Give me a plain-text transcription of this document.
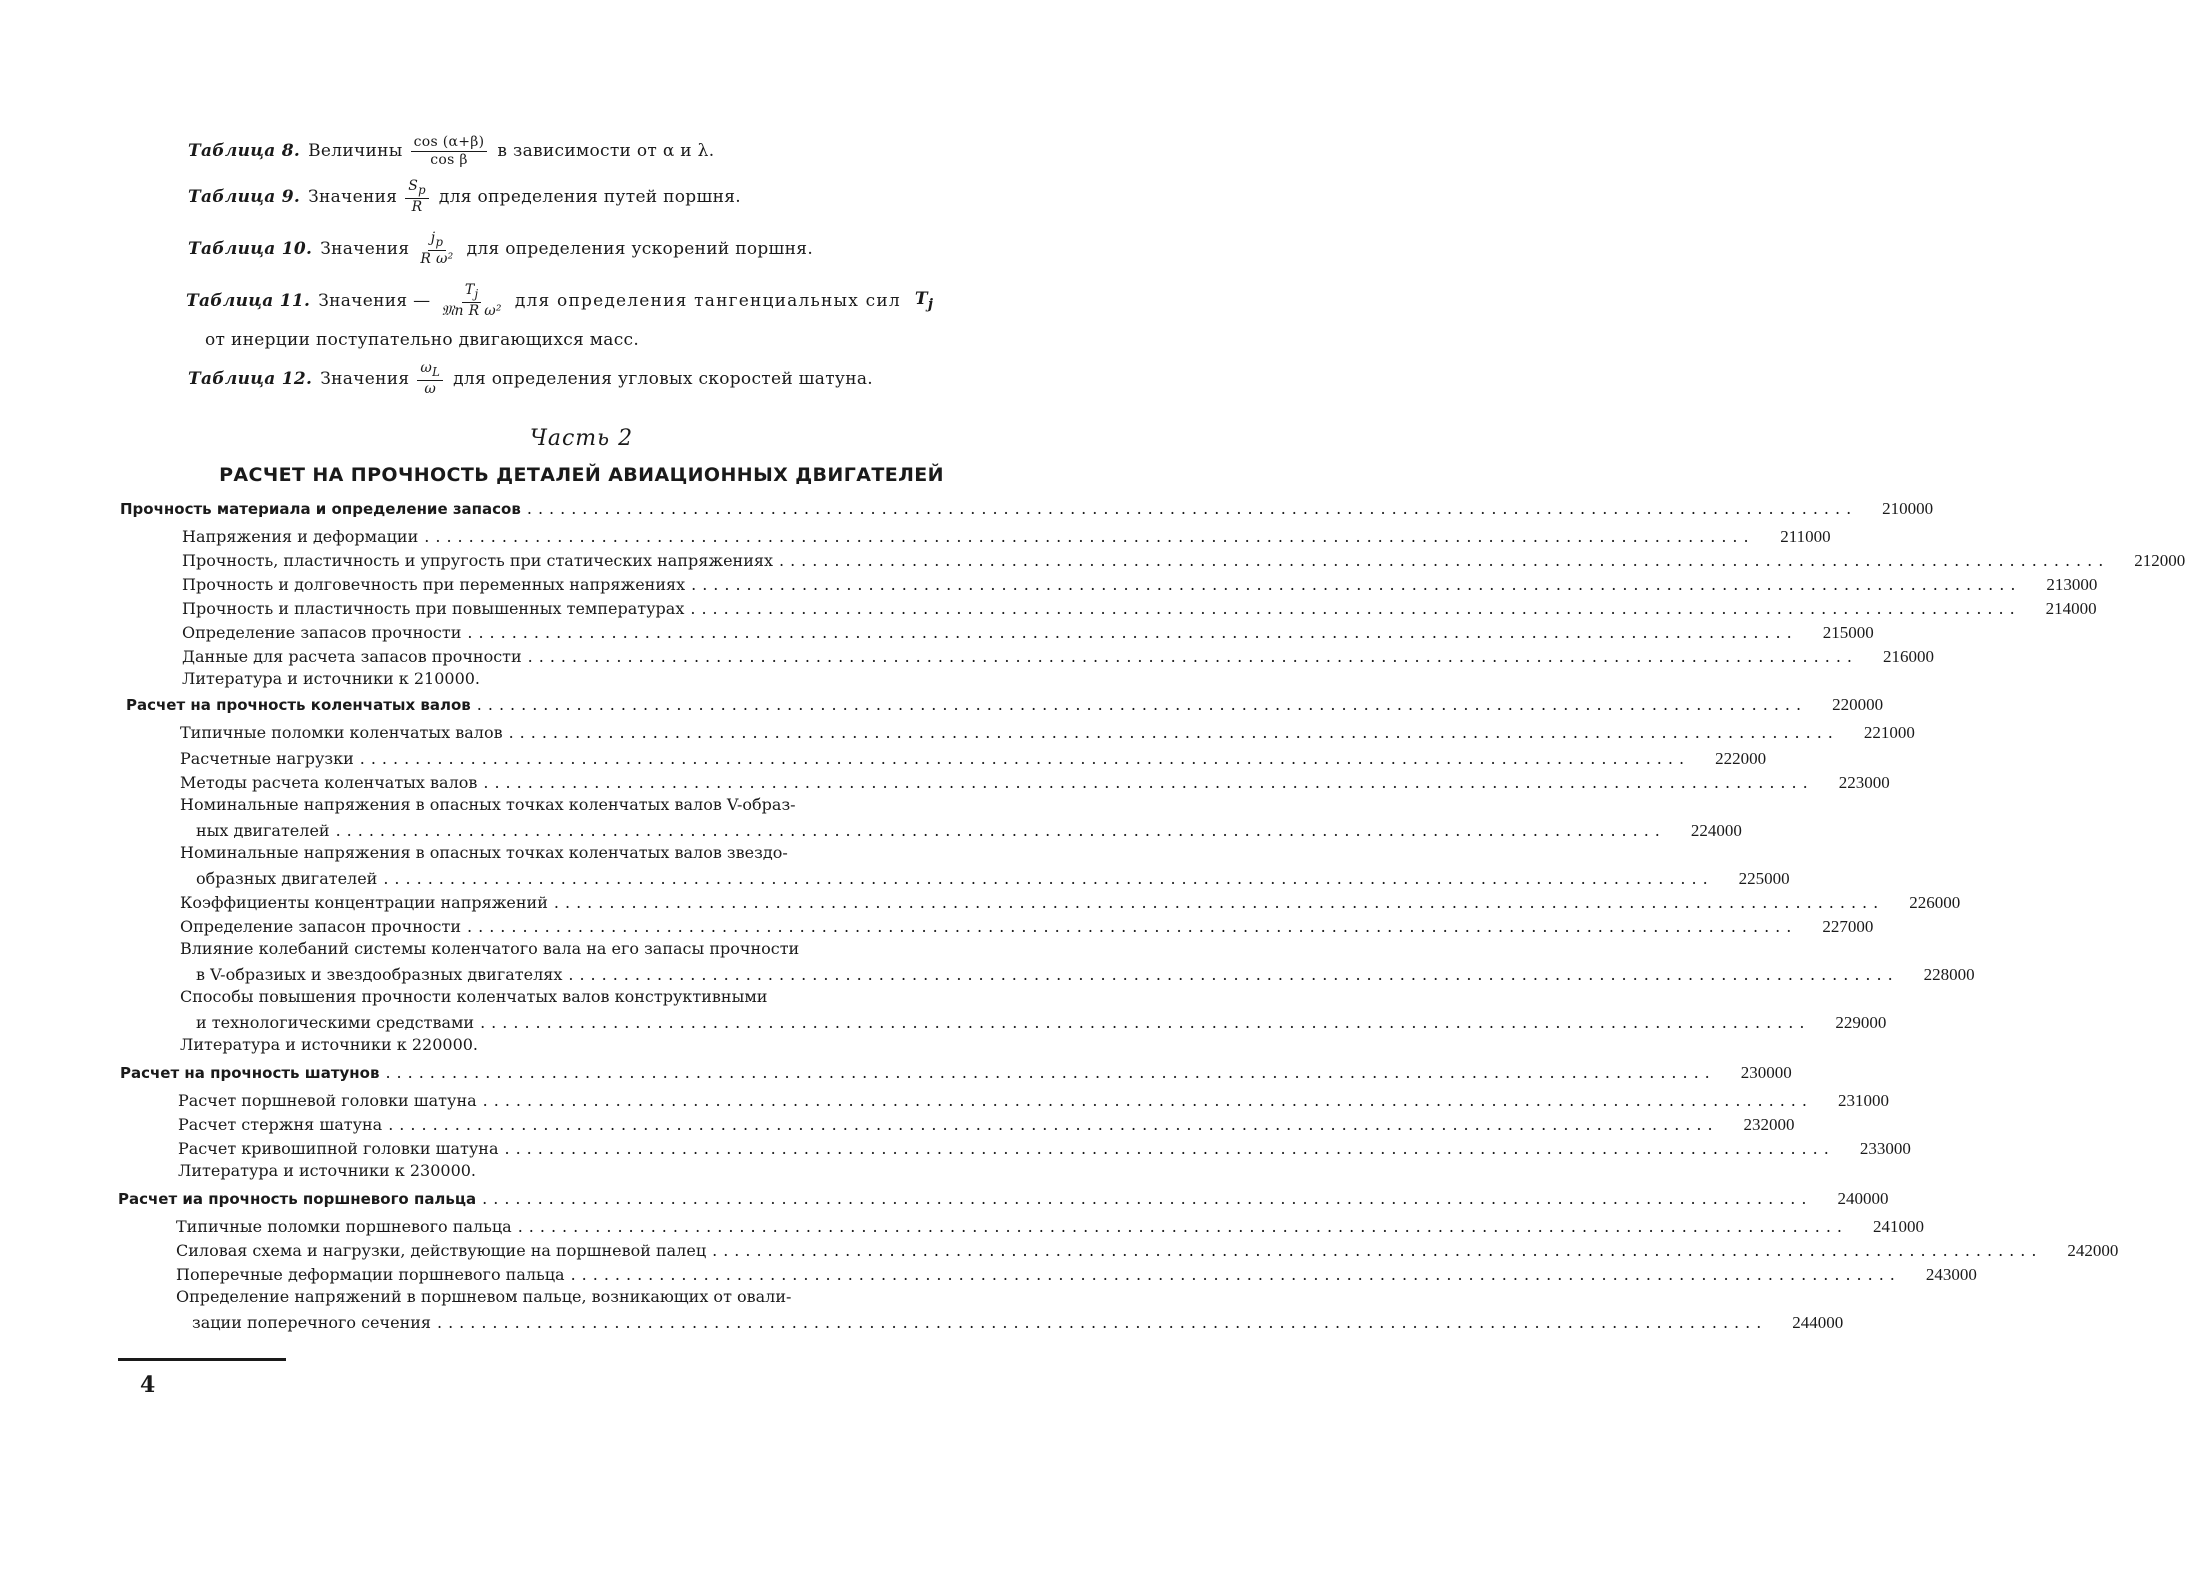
Таблица 8. Величины $\frac{\cos (\alpha+\beta)}{\text{cos β}}$ в зависимости от α и λ.
Таблица 9. Значения $\frac{S_p}{R}$ для определения путей поршня.
Таблица 10. Значения $\frac{j_p}{\text{R ω²}}$ для определения ускорений поршня.
Таблица 11. Значения — $\frac{T_j}{\text{𝔐п R ω²}}$ для определения тангенциальных сил $T_j$
от инерции поступательно двигающихся масс.
Таблица 12. Значения $\frac{\omega_L}{\omega}$ для определения угловых скоростей шатуна.
Часть 2
РАСЧЕТ НА ПРОЧНОСТЬ ДЕТАЛЕЙ АВИАЦИОННЫХ ДВИГАТЕЛЕЙ
Прочность материала и определение запасов ........................................................................................................................	210000
Напряжения и деформации ........................................................................................................................	211000
Прочность, пластичность и упругость при статических напряжениях ........................................................................................................................	212000
Прочность и долговечность при переменных напряжениях ........................................................................................................................	213000
Прочность и пластичность при повышенных температурах ........................................................................................................................	214000
Определение запасов прочности ........................................................................................................................	215000
Данные для расчета запасов прочности ........................................................................................................................	216000
Литература и источники к 210000.
Расчет на прочность коленчатых валов ........................................................................................................................	220000
Типичные поломки коленчатых валов ........................................................................................................................	221000
Расчетные нагрузки ........................................................................................................................	222000
Методы расчета коленчатых валов ........................................................................................................................	223000
Номинальные напряжения в опасных точках коленчатых валов V-образ-
ных двигателей ........................................................................................................................	224000
Номинальные напряжения в опасных точках коленчатых валов звездо-
образных двигателей ........................................................................................................................	225000
Коэффициенты концентрации напряжений ........................................................................................................................	226000
Определение запасон прочности ........................................................................................................................	227000
Влияние колебаний системы коленчатого вала на его запасы прочности
в V-образиых и звездообразных двигателях ........................................................................................................................	228000
Способы повышения прочности коленчатых валов конструктивными
и технологическими средствами ........................................................................................................................	229000
Литература и источники к 220000.
Расчет на прочность шатунов ........................................................................................................................	230000
Расчет поршневой головки шатуна ........................................................................................................................	231000
Расчет стержня шатуна ........................................................................................................................	232000
Расчет кривошипной головки шатуна ........................................................................................................................	233000
Литература и источники к 230000.
Расчет иа прочность поршневого пальца ........................................................................................................................	240000
Типичные поломки поршневого пальца ........................................................................................................................	241000
Силовая схема и нагрузки, действующие на поршневой палец ........................................................................................................................	242000
Поперечные деформации поршневого пальца ........................................................................................................................	243000
Определение напряжений в поршневом пальце, возникающих от овали-
зации поперечного сечения ........................................................................................................................	244000
4
